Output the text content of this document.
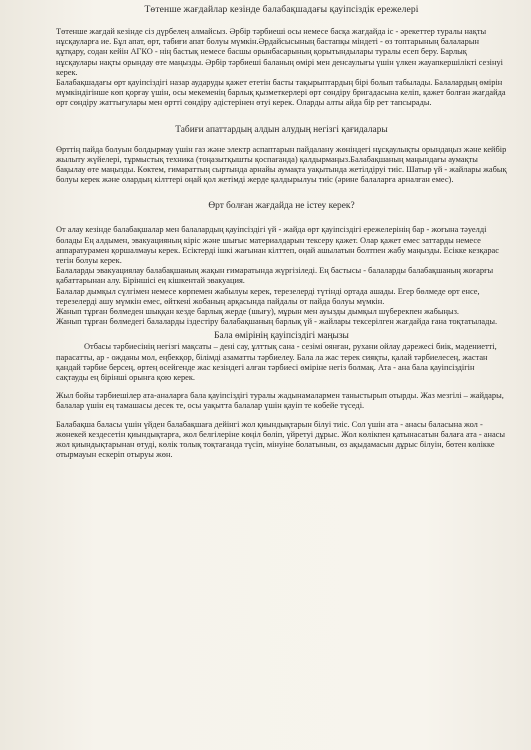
Төтенше жағдайлар кезінде балабақшадағы қауіпсіздік ережелері

Төтенше жағдай кезінде сіз дүрбелең алмайсыз. Әрбір тәрбиеші осы немесе басқа жағдайда іс - әрекеттер туралы нақты нұсқауларға ие. Бұл апат, өрт, табиғи апат болуы мүмкін.Әрдайсысының бастапқы міндеті - өз топтарының балаларын құтқару, содан кейін АГКО - нің бастық немесе басшы орынбасарының қорытындылары туралы есеп беру. Барлық нұсқаулары нақты орындау өте маңызды. Әрбір тәрбиеші баланың өмірі мен денсаулығы үшін үлкен жауапкершілікті сезінуі керек.

Балабақшадағы өрт қауіпсіздігі назар аударуды қажет ететін басты тақырыптардың бірі болып табылады. Балалардың өмірін мүмкіндігінше көп қорғау үшін, осы мекеменің барлық қызметкерлері өрт сөндіру бригадасына келіп, қажет болған жағдайда өрт сөндіру жаттығулары мен өртті сөндіру әдістерінен өтуі керек. Оларды алты айда бір рет тапсырады.

Табиғи апаттардың алдын алудың негізгі қағидалары

Өрттің пайда болуын болдырмау үшін газ және электр аспаптарын пайдалану жөніндегі нұсқаулықты орындаңыз және кейбір жылыту жүйелері, тұрмыстық техника (тоңазытқышты қоспағанда) қалдырмаңыз.Балабақшаның маңындағы аумақты бақылау өте маңызды. Көктем, ғимараттың сыртында арнайы аумақта уақытында жетілдіруі тиіс. Шатыр үй - жайлары жабық болуы керек және олардың кілттері оңай қол жетімді жерде қалдырылуы тиіс (әрине балаларға арналған емес).

Өрт болған жағдайда не істеу керек?

От алау кезінде балабақшалар мен балалардың қауіпсіздігі үй - жайда өрт қауіпсіздігі ережелерінің бар - жоғына тәуелді болады Ең алдымен, эвакуацияның кіріс және шығыс материалдарын тексеру қажет. Олар қажет емес заттарды немесе аппаратурамен қоршалмауы керек. Есіктерді ішкі жағынан кілттеп, оңай ашылатын болтпен жабу маңызды. Есікке кезқарас тегін болуы керек.

Балаларды эвакуациялау балабақшаның жақын ғимаратында жүргізіледі. Ең бастысы - балаларды балабақшаның жоғарғы қабаттарынан алу. Біріншісі ең кішкентай эвакуация.

Балалар дымқыл сүлгімен немесе көрпемен жабылуы керек, терезелерді түтінді ортада ашады. Егер бөлмеде өрт енсе, терезелерді ашу мүмкін емес, өйткені жобаның арқасында пайдалы от пайда болуы мүмкін.

Жанып тұрған бөлмеден шыққан кезде барлық жерде (шығу), мұрын мен ауызды дымқыл шүберекпен жабыңыз.

Жанып тұрған бөлмедегі балаларды іздестіру балабақшаның барлық үй - жайлары тексерілген жағдайда ғана тоқтатылады.

Бала өмірінің қауіпсіздігі маңызы

Отбасы тәрбиесінің негізгі мақсаты – дені сау, ұлттық сана - сезімі оянған, рухани ойлау дәрежесі биік, мәдениетті, парасатты, ар - ожданы мол, еңбекқор, білімді азаматты тәрбиелеу. Бала ла жас терек сияқты, қалай тәрбиелесең, жастан қандай тәрбие берсең, өртең өсейгенде жас кезіндегі алған тәрбиесі өміріне негіз болмақ. Ата - ана бала қауіпсіздігін сақтауды ең бірінші орынға қою керек.

Жыл бойы тәрбиешілер ата-аналарға бала қауіпсіздігі туралы жадынамалармен таныстырып отырды. Жаз мезгілі – жайдары, балалар үшін ең тамашасы десек те, осы уақытта балалар үшін қауіп те көбейе түседі.

Балабақша баласы үшін үйден балабақшаға дейінгі жол қиындықтарын білуі тиіс. Сол үшін ата - анасы баласына жол - жөнекей кездесетін қиындықтарға, жол белгілеріне көңіл бөліп, үйретуі дұрыс. Жол көлікпен қатынасатын балаға ата - анасы жол қиындықтарынан өтуді, көлік толық тоқтағанда түсіп, мінуіне болатынын, өз ақыдамасын дұрыс білуін, бөтен көлікке отырмауын ескеріп отыруы жөн.
